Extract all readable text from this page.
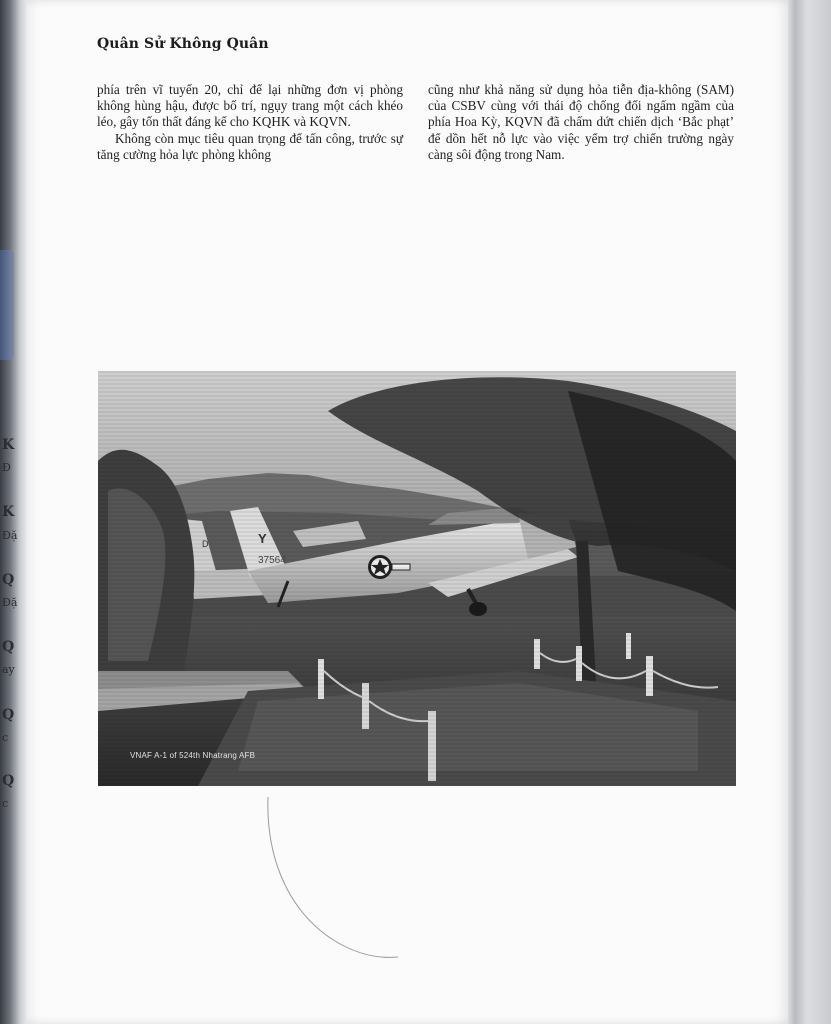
K
Đ
K
Đặ
Q
Đặ
Q
ay
Q
c
Q
c
Quân Sử Không Quân

phía trên vĩ tuyến 20, chỉ để lại những đơn vị phòng không hùng hậu, được bố trí, ngụy trang một cách khéo léo, gây tổn thất đáng kể cho KQHK và KQVN.

Không còn mục tiêu quan trọng để tấn công, trước sự tăng cường hỏa lực phòng không

cũng như khả năng sử dụng hỏa tiễn địa-không (SAM) của CSBV cùng với thái độ chống đối ngấm ngầm của phía Hoa Kỳ, KQVN đã chấm dứt chiến dịch ‘Bắc phạt’ để dồn hết nỗ lực vào việc yểm trợ chiến trường ngày càng sôi động trong Nam.

VNAF A-1 of 524th Nhatrang AFB
